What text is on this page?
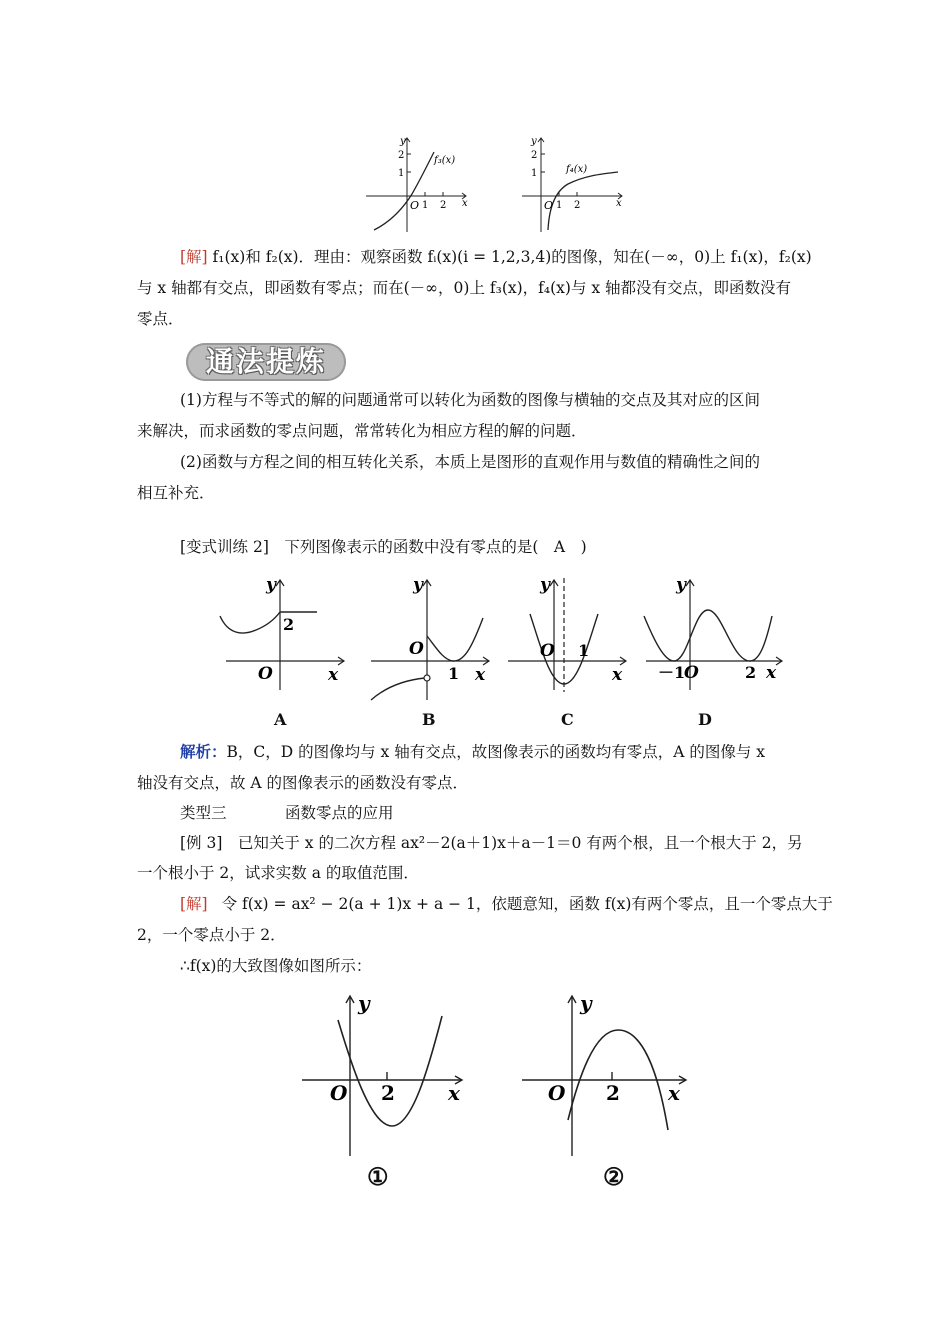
y
x
O 1 2
1
2	f₃(x)
y
x
O 1 2
1
2
f₄(x)
[解] f₁(x)和 f₂(x)．理由：观察函数 fᵢ(x)(i = 1,2,3,4)的图像，知在(－∞，0)上 f₁(x)，f₂(x)
与 x 轴都有交点，即函数有零点；而在(－∞，0)上 f₃(x)，f₄(x)与 x 轴都没有交点，即函数没有
零点．
通法提炼
(1)方程与不等式的解的问题通常可以转化为函数的图像与横轴的交点及其对应的区间
来解决，而求函数的零点问题，常常转化为相应方程的解的问题．
(2)函数与方程之间的相互转化关系，本质上是图形的直观作用与数值的精确性之间的
相互补充．
[变式训练 2]　下列图像表示的函数中没有零点的是(　A　)
y
x
O
2
A
y
x
O
1
B
y
x
O 1
C
y
x
O
－1	2
D
解析：B，C，D 的图像均与 x 轴有交点，故图像表示的函数均有零点，A 的图像与 x
轴没有交点，故 A 的图像表示的函数没有零点．
类型三	函数零点的应用
[例 3]　已知关于 x 的二次方程 ax²－2(a＋1)x＋a－1＝0 有两个根，且一个根大于 2，另
一个根小于 2，试求实数 a 的取值范围．
[解] 令 f(x) = ax² − 2(a + 1)x + a − 1，依题意知，函数 f(x)有两个零点，且一个零点大于
2，一个零点小于 2．
∴f(x)的大致图像如图所示：
y
x
O 2
①
y
x
O 2
②
